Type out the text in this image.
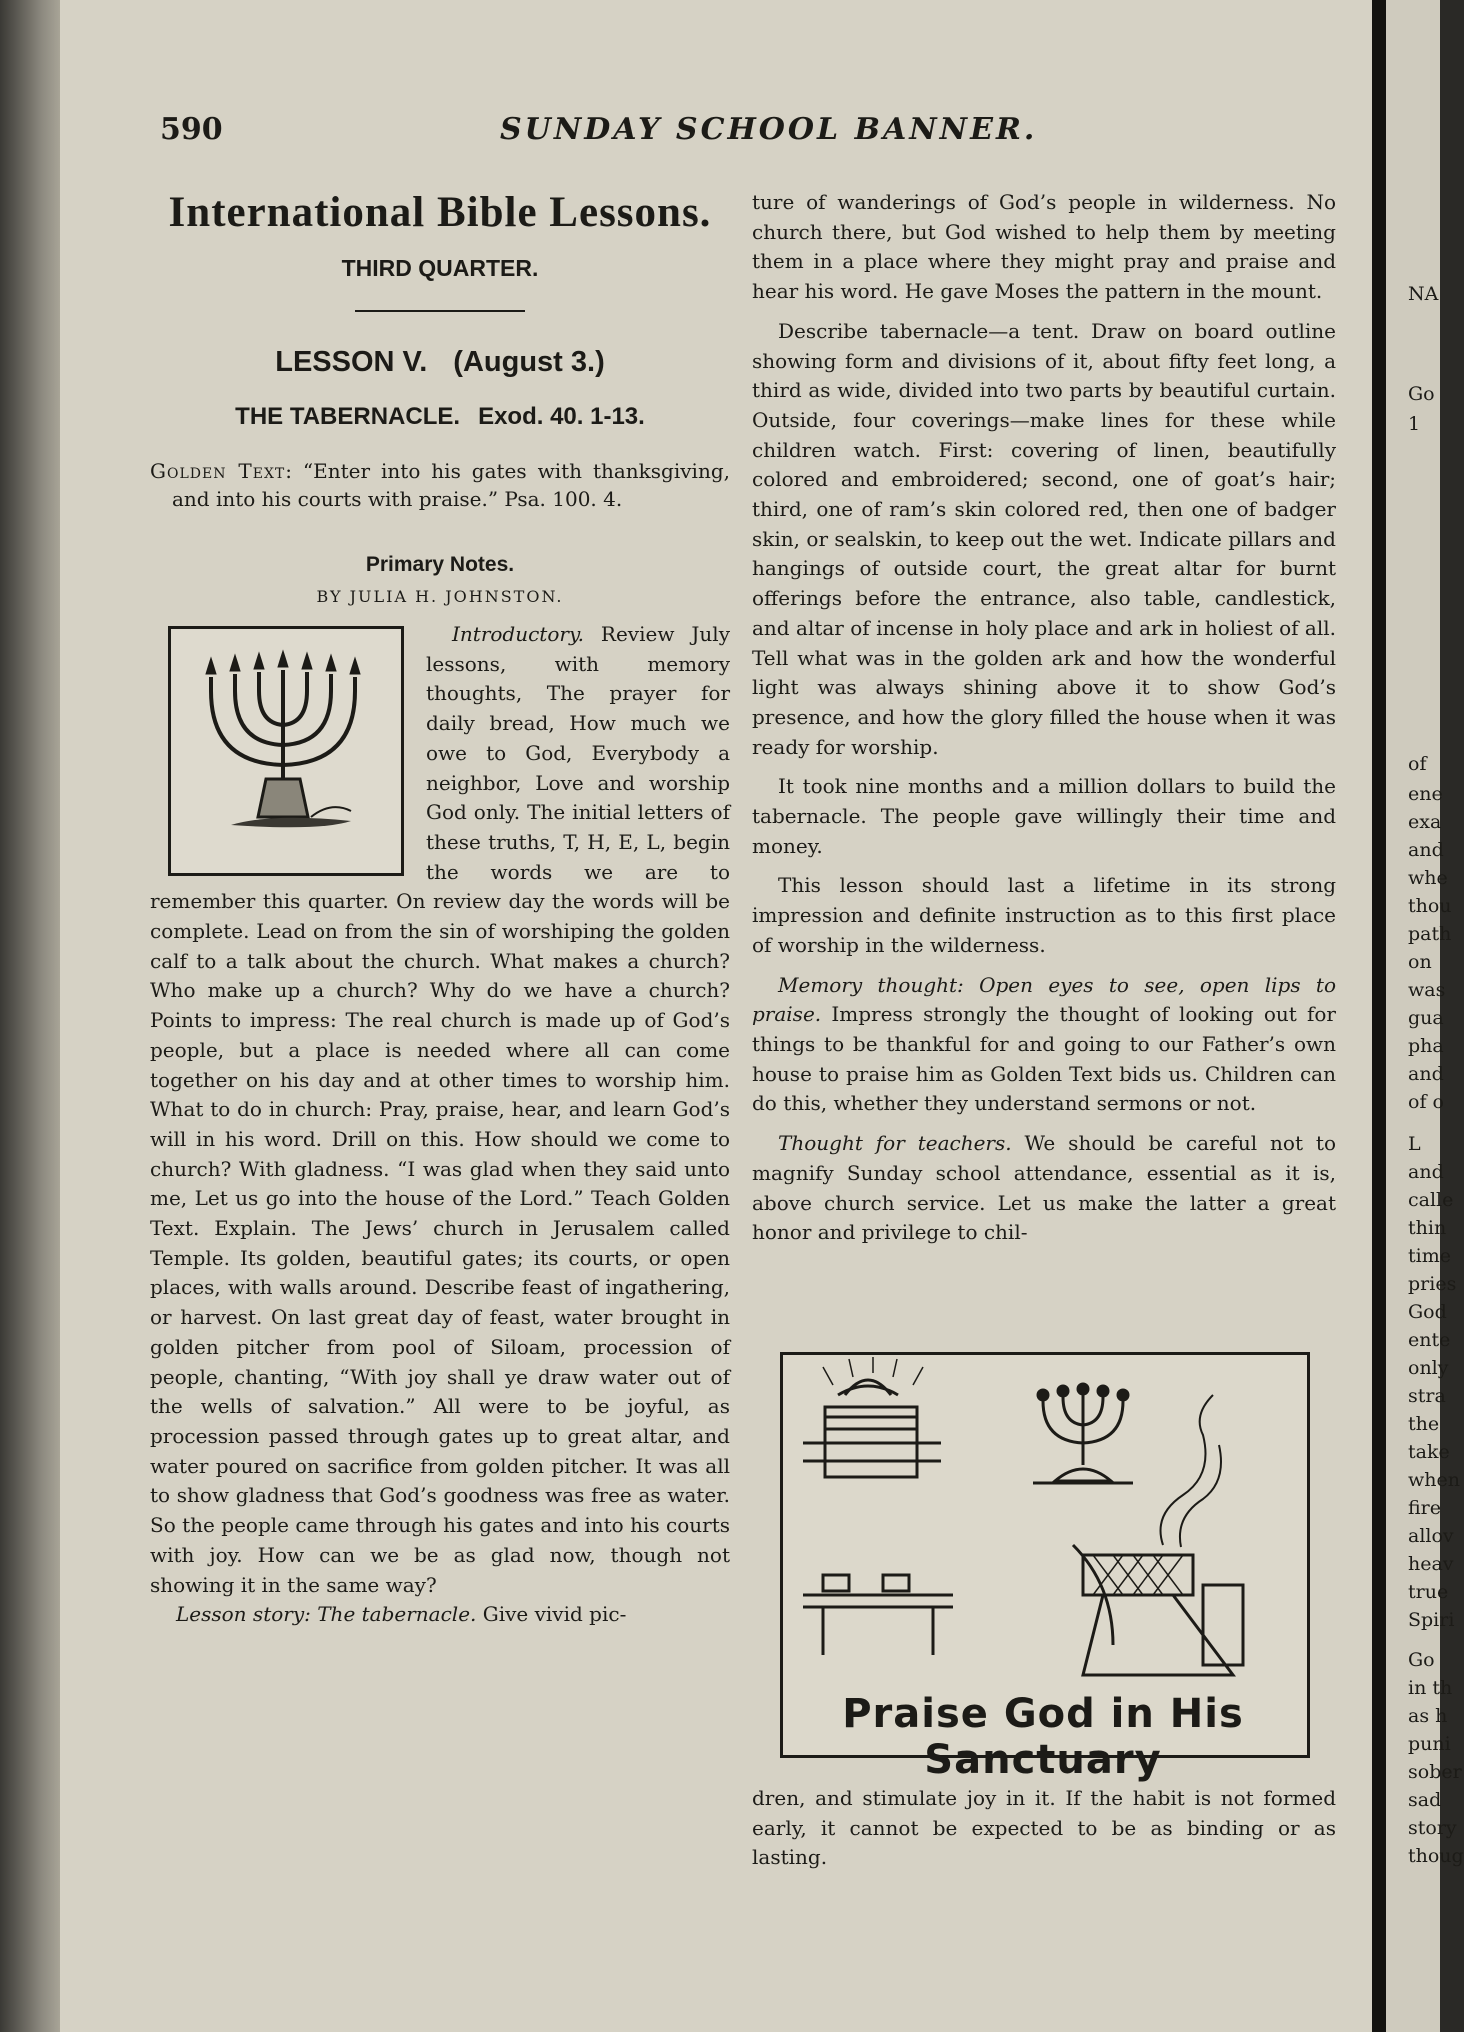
NA
Go
1
of
ene
exa
and
whe
thou
path
on
was
gua
pha
and
of o
L
and
calle
thin
time
pries
God
ente
only
stra
the
take
when
fire
allov
heav
true
Spiri
Go
in th
as h
puni
sober
sad
story
thoug
590	SUNDAY SCHOOL BANNER.
International Bible Lessons.
THIRD QUARTER.
LESSON V. (August 3.)
THE TABERNACLE. Exod. 40. 1-13.
Golden Text: “Enter into his gates with thanksgiving, and into his courts with praise.” Psa. 100. 4.
Primary Notes.
BY JULIA H. JOHNSTON.

Introductory. Review July lessons, with memory thoughts, The prayer for daily bread, How much we owe to God, Everybody a neighbor, Love and worship God only. The initial letters of these truths, T, H, E, L, begin the words we are to remember this quarter. On review day the words will be complete. Lead on from the sin of worshiping the golden calf to a talk about the church. What makes a church? Who make up a church? Why do we have a church? Points to impress: The real church is made up of God’s people, but a place is needed where all can come together on his day and at other times to worship him. What to do in church: Pray, praise, hear, and learn God’s will in his word. Drill on this. How should we come to church? With gladness. “I was glad when they said unto me, Let us go into the house of the Lord.” Teach Golden Text. Explain. The Jews’ church in Jerusalem called Temple. Its golden, beautiful gates; its courts, or open places, with walls around. Describe feast of ingathering, or harvest. On last great day of feast, water brought in golden pitcher from pool of Siloam, procession of people, chanting, “With joy shall ye draw water out of the wells of salvation.” All were to be joyful, as procession passed through gates up to great altar, and water poured on sacrifice from golden pitcher. It was all to show gladness that God’s goodness was free as water. So the people came through his gates and into his courts with joy. How can we be as glad now, though not showing it in the same way?

Lesson story: The tabernacle. Give vivid pic-

ture of wanderings of God’s people in wilderness. No church there, but God wished to help them by meeting them in a place where they might pray and praise and hear his word. He gave Moses the pattern in the mount.

Describe tabernacle—a tent. Draw on board outline showing form and divisions of it, about fifty feet long, a third as wide, divided into two parts by beautiful curtain. Outside, four coverings—make lines for these while children watch. First: covering of linen, beautifully colored and embroidered; second, one of goat’s hair; third, one of ram’s skin colored red, then one of badger skin, or sealskin, to keep out the wet. Indicate pillars and hangings of outside court, the great altar for burnt offerings before the entrance, also table, candlestick, and altar of incense in holy place and ark in holiest of all. Tell what was in the golden ark and how the wonderful light was always shining above it to show God’s presence, and how the glory filled the house when it was ready for worship.

It took nine months and a million dollars to build the tabernacle. The people gave willingly their time and money.

This lesson should last a lifetime in its strong impression and definite instruction as to this first place of worship in the wilderness.

Memory thought: Open eyes to see, open lips to praise. Impress strongly the thought of looking out for things to be thankful for and going to our Father’s own house to praise him as Golden Text bids us. Children can do this, whether they understand sermons or not.

Thought for teachers. We should be careful not to magnify Sunday school attendance, essential as it is, above church service. Let us make the latter a great honor and privilege to chil-

Praise God in His Sanctuary

dren, and stimulate joy in it. If the habit is not formed early, it cannot be expected to be as binding or as lasting.
